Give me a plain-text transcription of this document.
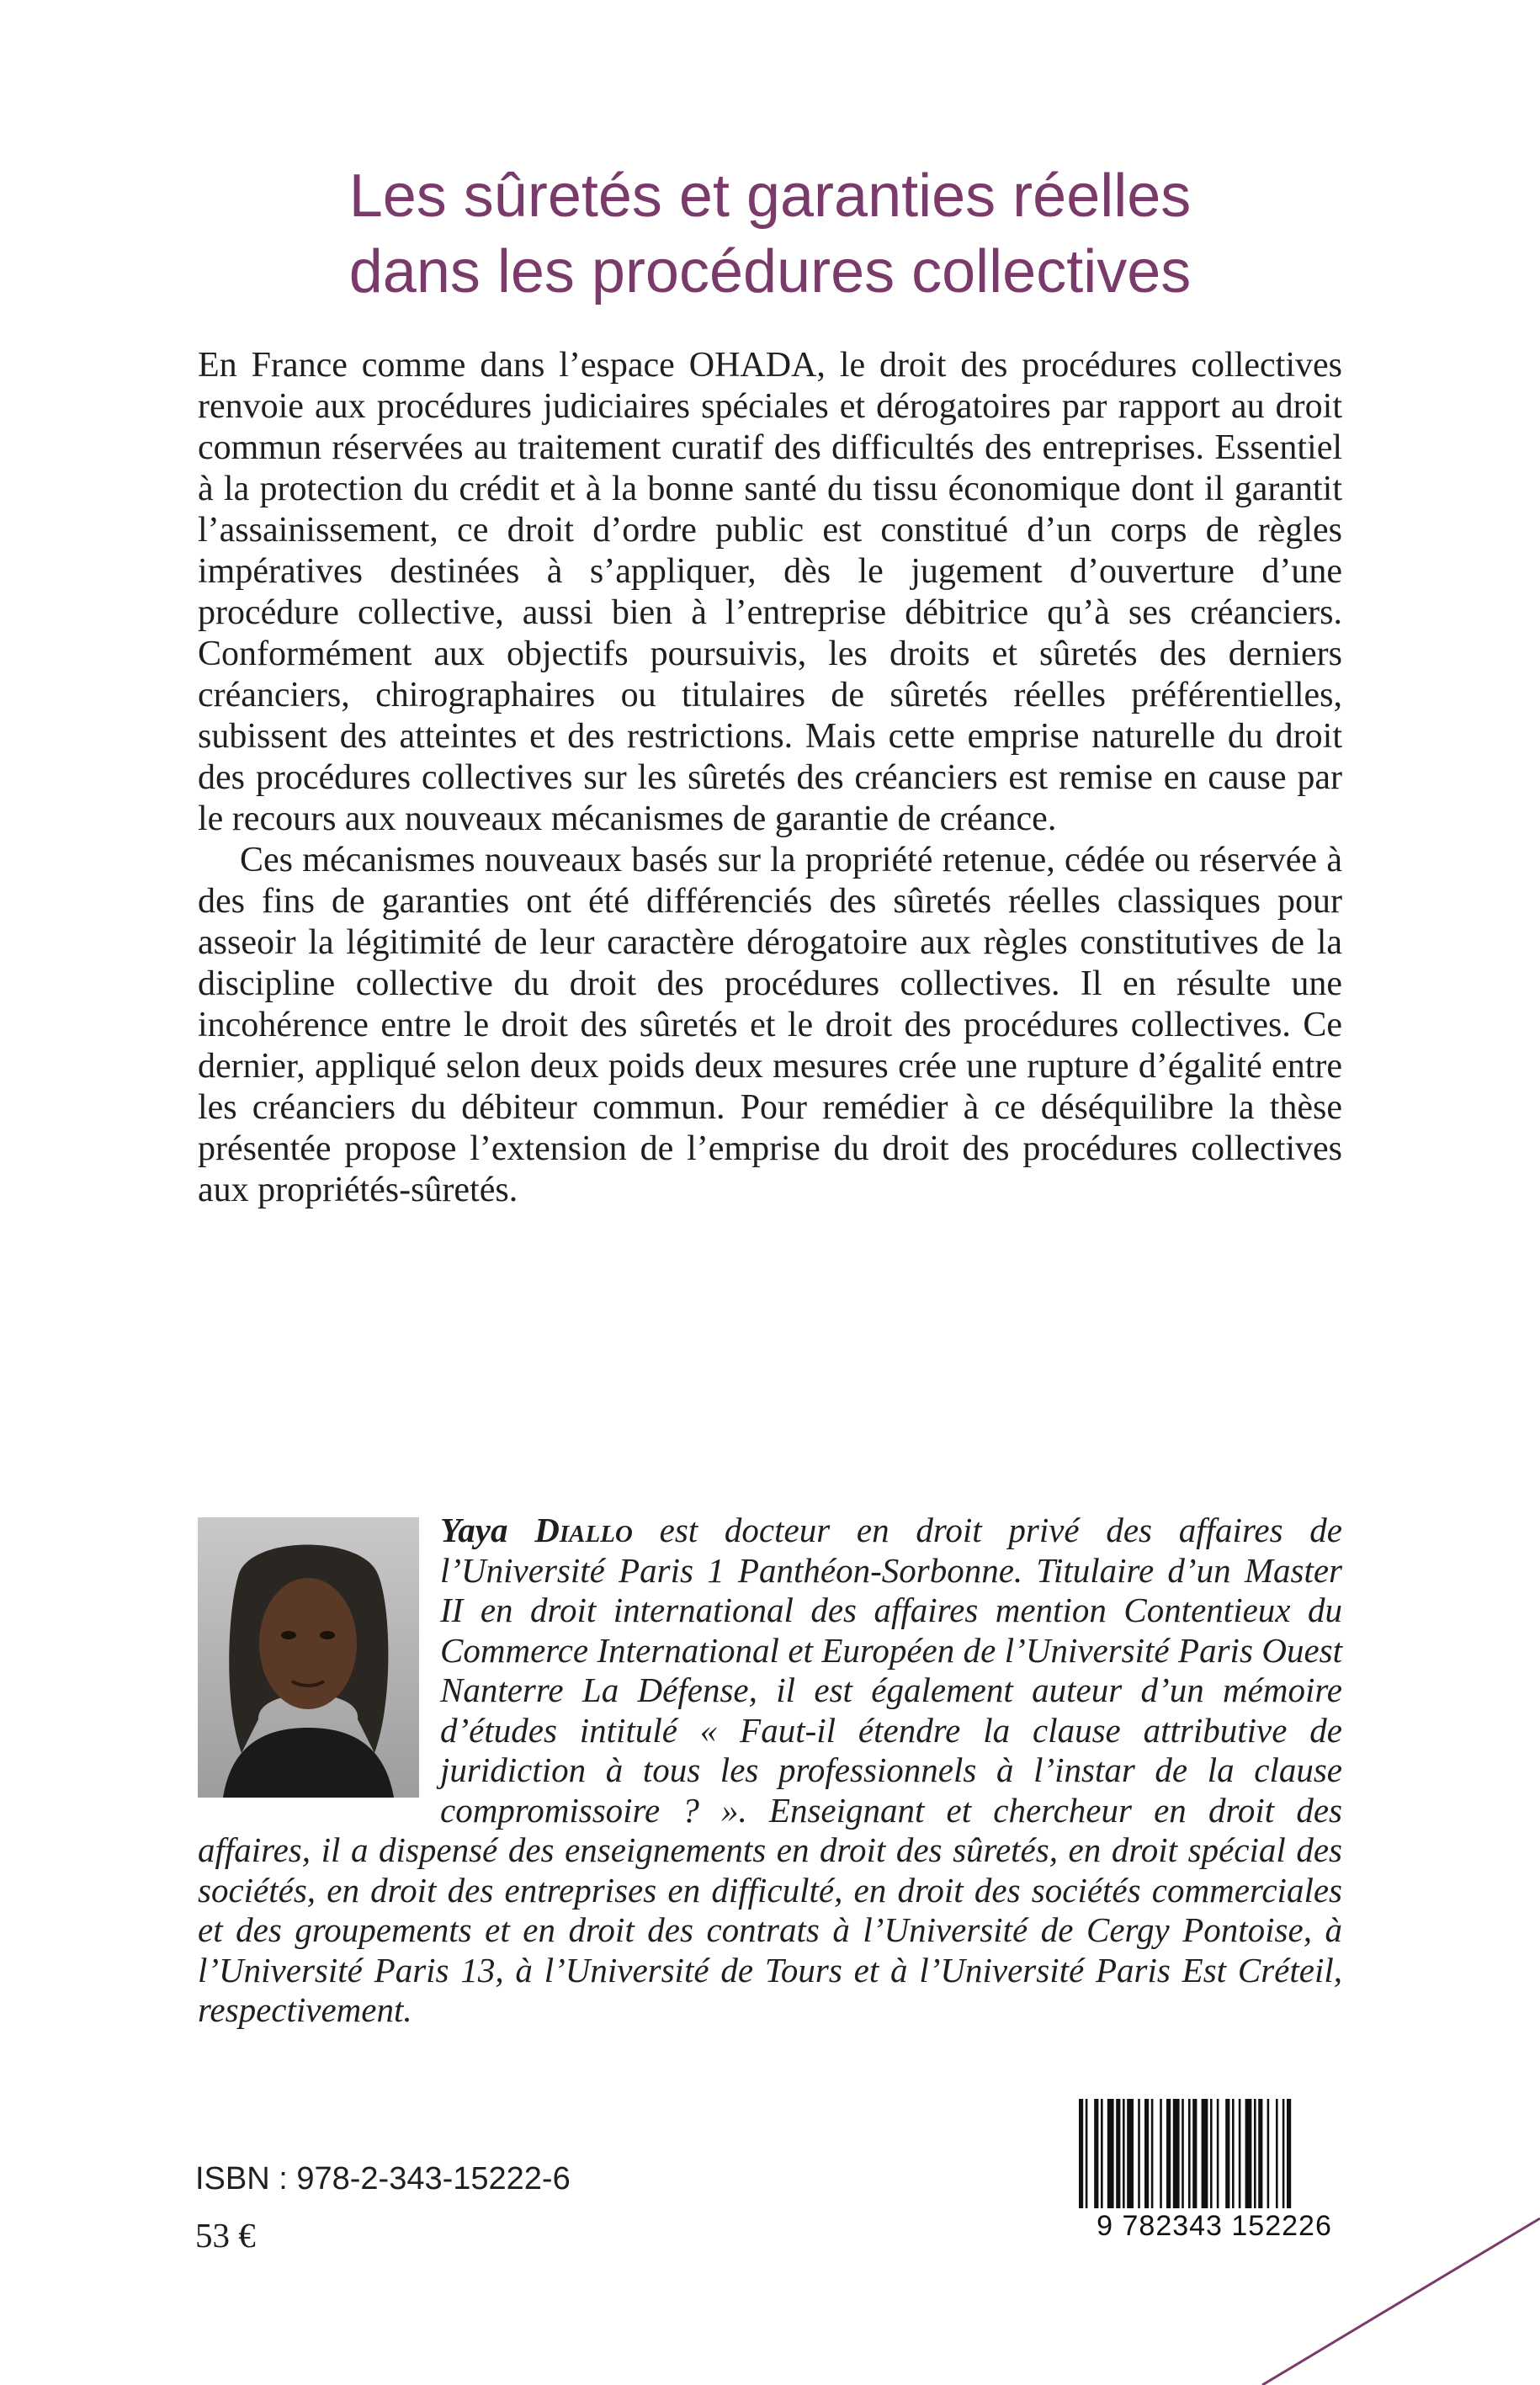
Les sûretés et garanties réelles
dans les procédures collectives

En France comme dans l’espace OHADA, le droit des procédures collectives renvoie aux procédures judiciaires spéciales et dérogatoires par rapport au droit commun réservées au traitement curatif des difficultés des entreprises. Essentiel à la protection du crédit et à la bonne santé du tissu économique dont il garantit l’assainissement, ce droit d’ordre public est constitué d’un corps de règles impératives destinées à s’appliquer, dès le jugement d’ouverture d’une procédure collective, aussi bien à l’entreprise débitrice qu’à ses créanciers. Conformément aux objectifs poursuivis, les droits et sûretés des derniers créanciers, chirographaires ou titulaires de sûretés réelles préférentielles, subissent des atteintes et des restrictions. Mais cette emprise naturelle du droit des procédures collectives sur les sûretés des créanciers est remise en cause par le recours aux nouveaux mécanismes de garantie de créance.

Ces mécanismes nouveaux basés sur la propriété retenue, cédée ou réservée à des fins de garanties ont été différenciés des sûretés réelles classiques pour asseoir la légitimité de leur caractère dérogatoire aux règles constitutives de la discipline collective du droit des procédures collectives. Il en résulte une incohérence entre le droit des sûretés et le droit des procédures collectives. Ce dernier, appliqué selon deux poids deux mesures crée une rupture d’égalité entre les créanciers du débiteur commun. Pour remédier à ce déséquilibre la thèse présentée propose l’extension de l’emprise du droit des procédures collectives aux propriétés-sûretés.

Yaya Diallo est docteur en droit privé des affaires de l’Université Paris 1 Panthéon-Sorbonne. Titulaire d’un Master II en droit international des affaires mention Contentieux du Commerce International et Européen de l’Université Paris Ouest Nanterre La Défense, il est également auteur d’un mémoire d’études intitulé « Faut-il étendre la clause attributive de juridiction à tous les professionnels à l’instar de la clause compromissoire ? ». Enseignant et chercheur en droit des affaires, il a dispensé des enseignements en droit des sûretés, en droit spécial des sociétés, en droit des entreprises en difficulté, en droit des sociétés commerciales et des groupements et en droit des contrats à l’Université de Cergy Pontoise, à l’Université Paris 13, à l’Université de Tours et à l’Université Paris Est Créteil, respectivement.
ISBN : 978-2-343-15222-6
53 €	9 782343 152226
